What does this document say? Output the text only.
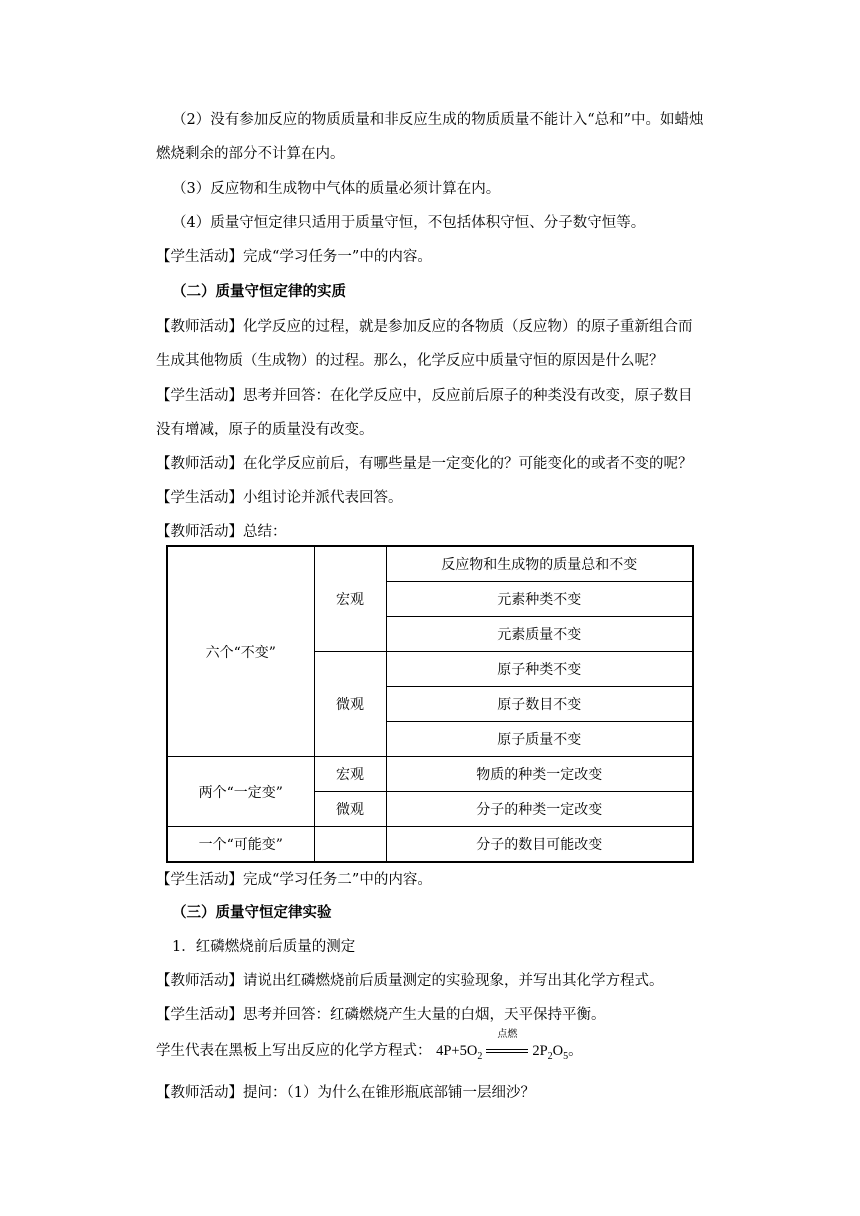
（2）没有参加反应的物质质量和非反应生成的物质质量不能计入“总和”中。如蜡烛
燃烧剩余的部分不计算在内。
（3）反应物和生成物中气体的质量必须计算在内。
（4）质量守恒定律只适用于质量守恒，不包括体积守恒、分子数守恒等。
【学生活动】完成“学习任务一”中的内容。
（二）质量守恒定律的实质
【教师活动】化学反应的过程，就是参加反应的各物质（反应物）的原子重新组合而
生成其他物质（生成物）的过程。那么，化学反应中质量守恒的原因是什么呢？
【学生活动】思考并回答：在化学反应中，反应前后原子的种类没有改变，原子数目
没有增减，原子的质量没有改变。
【教师活动】在化学反应前后，有哪些量是一定变化的？可能变化的或者不变的呢？
【学生活动】小组讨论并派代表回答。
【教师活动】总结：
六个“不变”	宏观	反应物和生成物的质量总和不变
		元素种类不变
		元素质量不变
	微观	原子种类不变
		原子数目不变
		原子质量不变
两个“一定变”	宏观	物质的种类一定改变
	微观	分子的种类一定改变
一个“可能变”		分子的数目可能改变
【学生活动】完成“学习任务二”中的内容。
（三）质量守恒定律实验
1．红磷燃烧前后质量的测定
【教师活动】请说出红磷燃烧前后质量测定的实验现象，并写出其化学方程式。
【学生活动】思考并回答：红磷燃烧产生大量的白烟，天平保持平衡。
学生代表在黑板上写出反应的化学方程式： $4P+5O_2$
点燃
$2P_2O_5$。
【教师活动】提问：（1）为什么在锥形瓶底部铺一层细沙？
